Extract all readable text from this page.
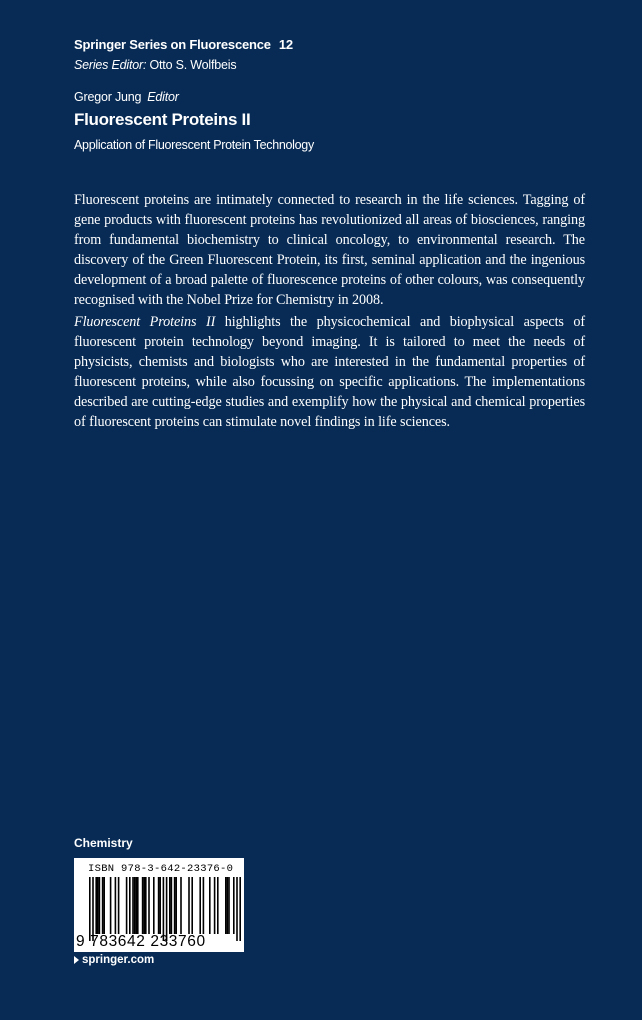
Springer Series on Fluorescence 12
Series Editor: Otto S. Wolfbeis
Gregor Jung Editor
Fluorescent Proteins II
Application of Fluorescent Protein Technology
Fluorescent proteins are intimately connected to research in the life sciences. Tagging of gene products with fluorescent proteins has revolutionized all areas of biosciences, ranging from fundamental biochemistry to clinical oncology, to environmental research. The discovery of the Green Fluorescent Protein, its first, seminal application and the ingenious development of a broad palette of fluorescence proteins of other colours, was consequently recognised with the Nobel Prize for Chemistry in 2008.
Fluorescent Proteins II highlights the physicochemical and biophysical aspects of fluorescent protein technology beyond imaging. It is tailored to meet the needs of physicists, chemists and biologists who are interested in the fundamental properties of fluorescent proteins, while also focussing on specific applications. The implementations described are cutting-edge studies and exemplify how the physical and chemical properties of fluorescent proteins can stimulate novel findings in life sciences.
Chemistry
ISBN 978-3-642-23376-0
9 783642 233760
springer.com
